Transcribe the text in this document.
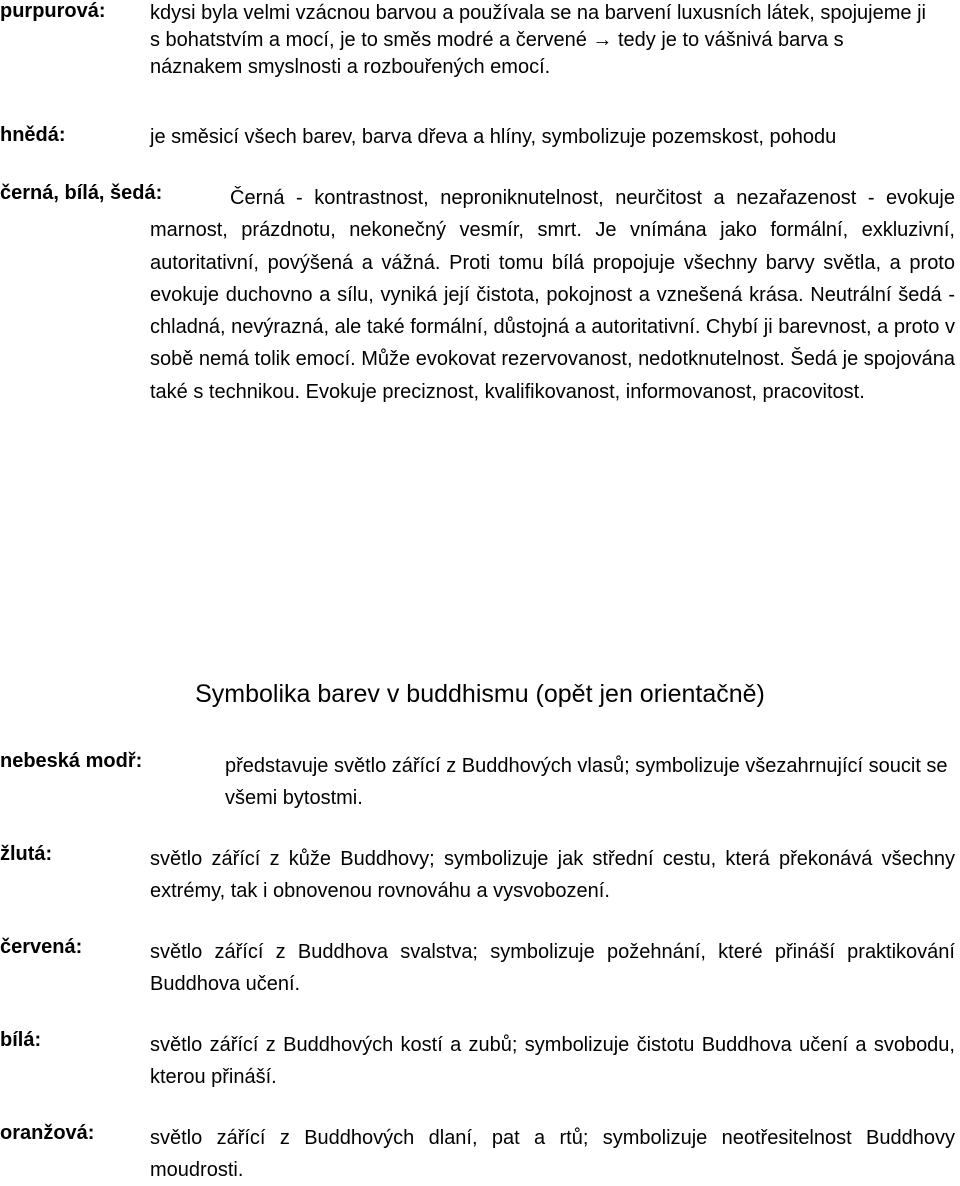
purpurová: kdysi byla velmi vzácnou barvou a používala se na barvení luxusních látek, spojujeme ji s bohatstvím a mocí, je to směs modré a červené → tedy je to vášnivá barva s náznakem smyslnosti a rozbouřených emocí.
hnědá:	je směsicí všech barev, barva dřeva a hlíny, symbolizuje pozemskost, pohodu
černá, bílá, šedá:	Černá - kontrastnost, neproniknutelnost, neurčitost a nezařazenost - evokuje marnost, prázdnotu, nekonečný vesmír, smrt. Je vnímána jako formální, exkluzivní, autoritativní, povýšená a vážná. Proti tomu bílá propojuje všechny barvy světla, a proto evokuje duchovno a sílu, vyniká její čistota, pokojnost a vznešená krása. Neutrální šedá - chladná, nevýrazná, ale také formální, důstojná a autoritativní. Chybí ji barevnost, a proto v sobě nemá tolik emocí. Může evokovat rezervovanost, nedotknutelnost. Šedá je spojována také s technikou. Evokuje preciznost, kvalifikovanost, informovanost, pracovitost.
Symbolika barev v buddhismu (opět jen orientačně)
nebeská modř:	představuje světlo zářící z Buddhových vlasů; symbolizuje všezahrnující soucit se všemi bytostmi.
žlutá:	světlo zářící z kůže Buddhovy; symbolizuje jak střední cestu, která překonává všechny extrémy, tak i obnovenou rovnováhu a vysvobození.
červená:	světlo zářící z Buddhova svalstva; symbolizuje požehnání, které přináší praktikování Buddhova učení.
bílá:	světlo zářící z Buddhových kostí a zubů; symbolizuje čistotu Buddhova učení a svobodu, kterou přináší.
oranžová:	světlo zářící z Buddhových dlaní, pat a rtů; symbolizuje neotřesitelnost Buddhovy moudrosti.
